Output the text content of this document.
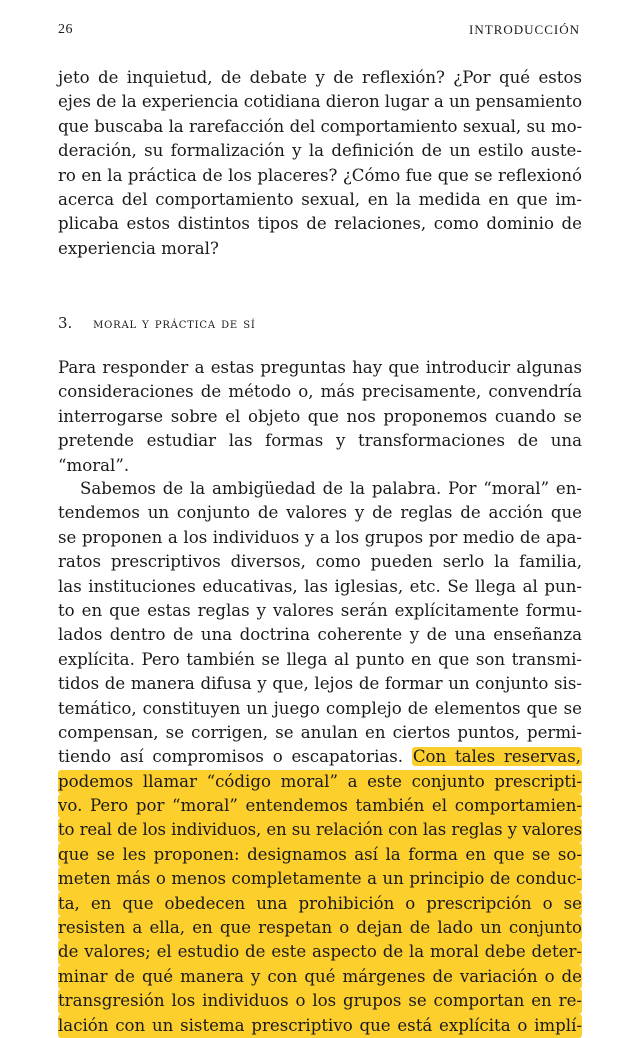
26	INTRODUCCIÓN
jeto de inquietud, de debate y de reflexión? ¿Por qué estos
ejes de la experiencia cotidiana dieron lugar a un pensamiento
que buscaba la rarefacción del comportamiento sexual, su mo-
deración, su formalización y la definición de un estilo auste-
ro en la práctica de los placeres? ¿Cómo fue que se reflexionó
acerca del comportamiento sexual, en la medida en que im-
plicaba estos distintos tipos de relaciones, como dominio de
experiencia moral?
3. moral y práctica de sí
Para responder a estas preguntas hay que introducir algunas
consideraciones de método o, más precisamente, convendría
interrogarse sobre el objeto que nos proponemos cuando se
pretende estudiar las formas y transformaciones de una
“moral”.
Sabemos de la ambigüedad de la palabra. Por “moral” en-
tendemos un conjunto de valores y de reglas de acción que
se proponen a los individuos y a los grupos por medio de apa-
ratos prescriptivos diversos, como pueden serlo la familia,
las instituciones educativas, las iglesias, etc. Se llega al pun-
to en que estas reglas y valores serán explícitamente formu-
lados dentro de una doctrina coherente y de una enseñanza
explícita. Pero también se llega al punto en que son transmi-
tidos de manera difusa y que, lejos de formar un conjunto sis-
temático, constituyen un juego complejo de elementos que se
compensan, se corrigen, se anulan en ciertos puntos, permi-
tiendo así compromisos o escapatorias. Con tales reservas,
podemos llamar “código moral” a este conjunto prescripti-
vo. Pero por “moral” entendemos también el comportamien-
to real de los individuos, en su relación con las reglas y valores
que se les proponen: designamos así la forma en que se so-
meten más o menos completamente a un principio de conduc-
ta, en que obedecen una prohibición o prescripción o se
resisten a ella, en que respetan o dejan de lado un conjunto
de valores; el estudio de este aspecto de la moral debe deter-
minar de qué manera y con qué márgenes de variación o de
transgresión los individuos o los grupos se comportan en re-
lación con un sistema prescriptivo que está explícita o implí-
